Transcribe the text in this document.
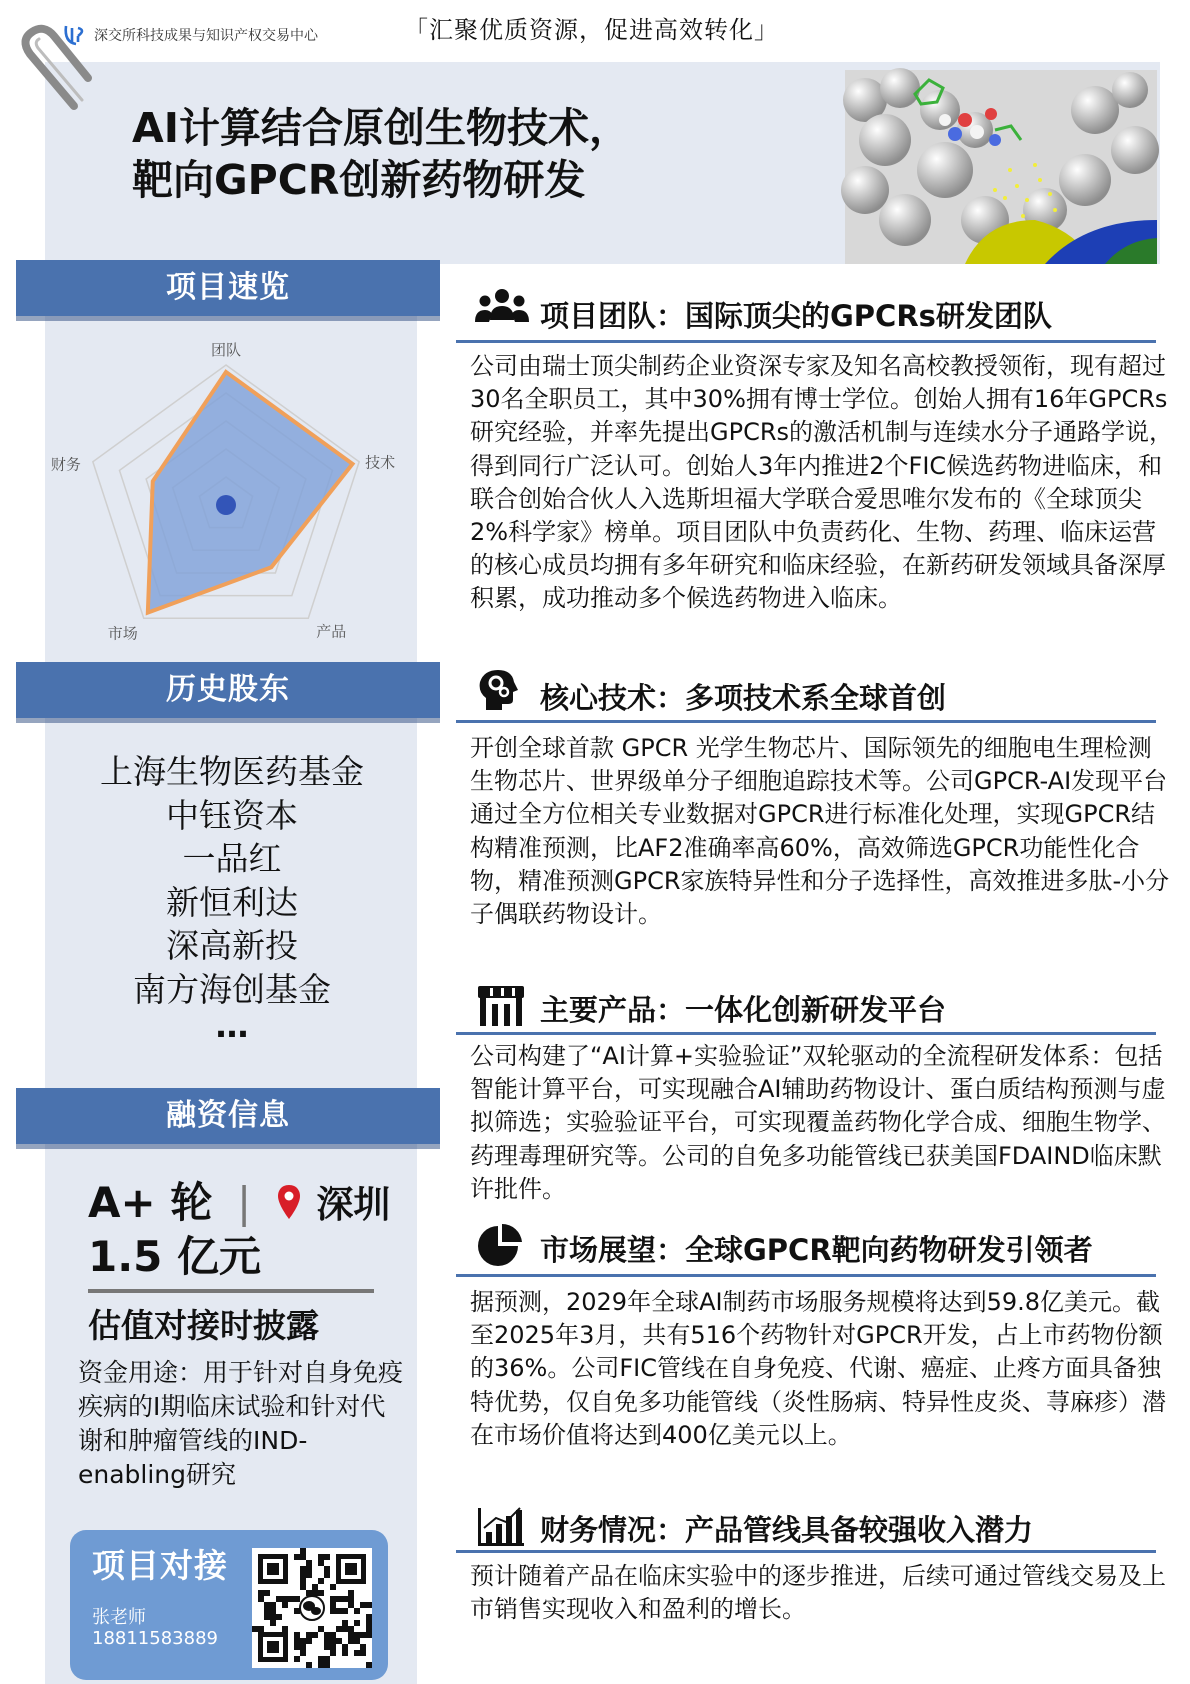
深交所科技成果与知识产权交易中心	「汇聚优质资源，促进高效转化」
AI计算结合原创生物技术，
靶向GPCR创新药物研发
项目速览
团队
技术
产品
市场
财务
历史股东
上海生物医药基金
中钰资本
一品红
新恒利达
深高新投
南方海创基金
…
融资信息
A+ 轮 | 深圳
1.5 亿元
估值对接时披露
资金用途：用于针对自身免疫疾病的I期临床试验和针对代谢和肿瘤管线的IND-enabling研究
项目对接
张老师
18811583889
项目团队：国际顶尖的GPCRs研发团队
公司由瑞士顶尖制药企业资深专家及知名高校教授领衔，现有超过30名全职员工，其中30%拥有博士学位。创始人拥有16年GPCRs研究经验，并率先提出GPCRs的激活机制与连续水分子通路学说，得到同行广泛认可。创始人3年内推进2个FIC候选药物进临床，和联合创始合伙人入选斯坦福大学联合爱思唯尔发布的《全球顶尖2%科学家》榜单。项目团队中负责药化、生物、药理、临床运营的核心成员均拥有多年研究和临床经验，在新药研发领域具备深厚积累，成功推动多个候选药物进入临床。
核心技术：多项技术系全球首创
开创全球首款 GPCR 光学生物芯片、国际领先的细胞电生理检测生物芯片、世界级单分子细胞追踪技术等。公司GPCR-AI发现平台通过全方位相关专业数据对GPCR进行标准化处理，实现GPCR结构精准预测，比AF2准确率高60%，高效筛选GPCR功能性化合物，精准预测GPCR家族特异性和分子选择性，高效推进多肽-小分子偶联药物设计。
主要产品：一体化创新研发平台
公司构建了“AI计算+实验验证”双轮驱动的全流程研发体系：包括智能计算平台，可实现融合AI辅助药物设计、蛋白质结构预测与虚拟筛选；实验验证平台，可实现覆盖药物化学合成、细胞生物学、药理毒理研究等。公司的自免多功能管线已获美国FDAIND临床默许批件。
市场展望：全球GPCR靶向药物研发引领者
据预测，2029年全球AI制药市场服务规模将达到59.8亿美元。截至2025年3月，共有516个药物针对GPCR开发，占上市药物份额的36%。公司FIC管线在自身免疫、代谢、癌症、止疼方面具备独特优势，仅自免多功能管线（炎性肠病、特异性皮炎、荨麻疹）潜在市场价值将达到400亿美元以上。
财务情况：产品管线具备较强收入潜力
预计随着产品在临床实验中的逐步推进，后续可通过管线交易及上市销售实现收入和盈利的增长。
